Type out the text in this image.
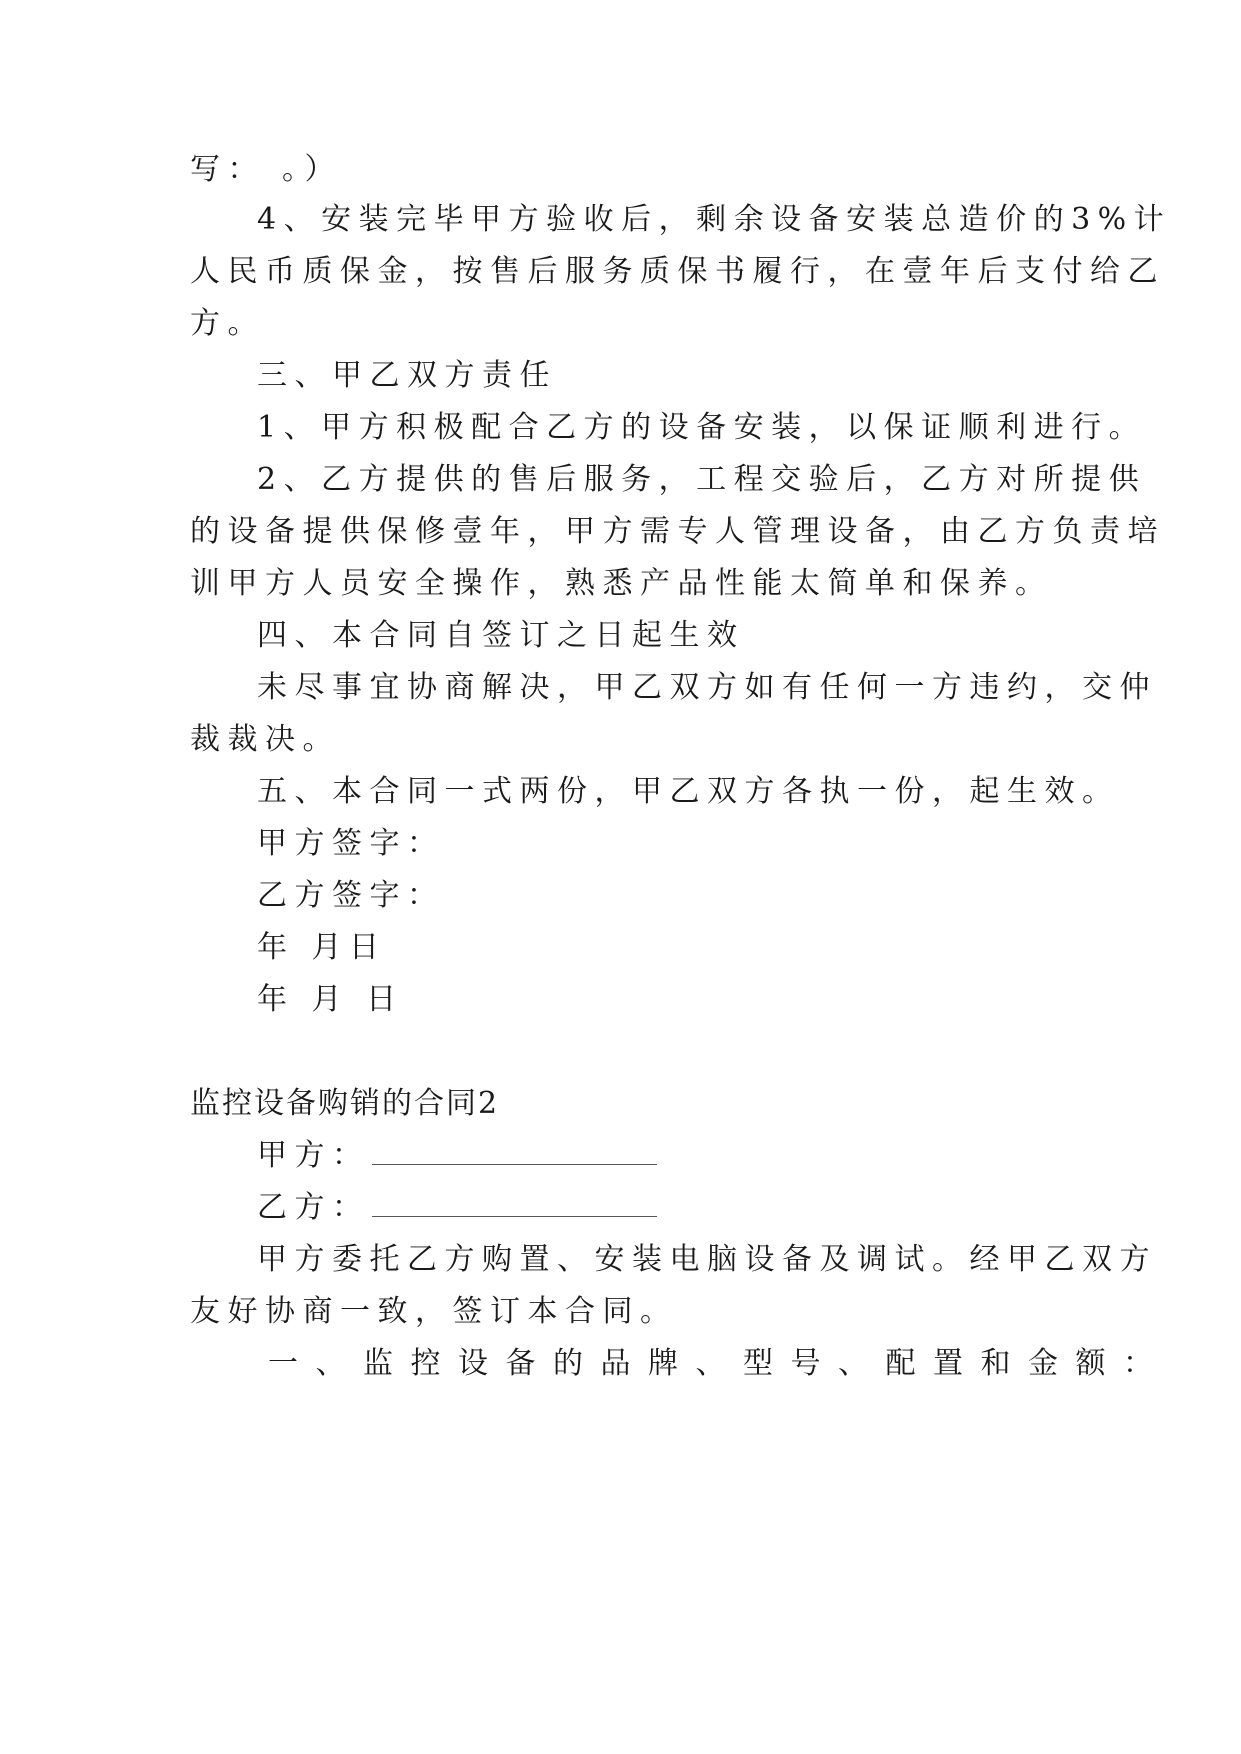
写： 。）
4、安装完毕甲方验收后，剩余设备安装总造价的3%计
人民币质保金，按售后服务质保书履行，在壹年后支付给乙
方。
三、甲乙双方责任
1、甲方积极配合乙方的设备安装，以保证顺利进行。
2、乙方提供的售后服务，工程交验后，乙方对所提供
的设备提供保修壹年，甲方需专人管理设备，由乙方负责培
训甲方人员安全操作，熟悉产品性能太简单和保养。
四、本合同自签订之日起生效
未尽事宜协商解决，甲乙双方如有任何一方违约，交仲
裁裁决。
五、本合同一式两份，甲乙双方各执一份，起生效。
甲方签字：
乙方签字：
年 月日
年 月 日
监控设备购销的合同2
甲方：
乙方：
甲方委托乙方购置、安装电脑设备及调试。经甲乙双方
友好协商一致，签订本合同。
一、监控设备的品牌、型号、配置和金额：
